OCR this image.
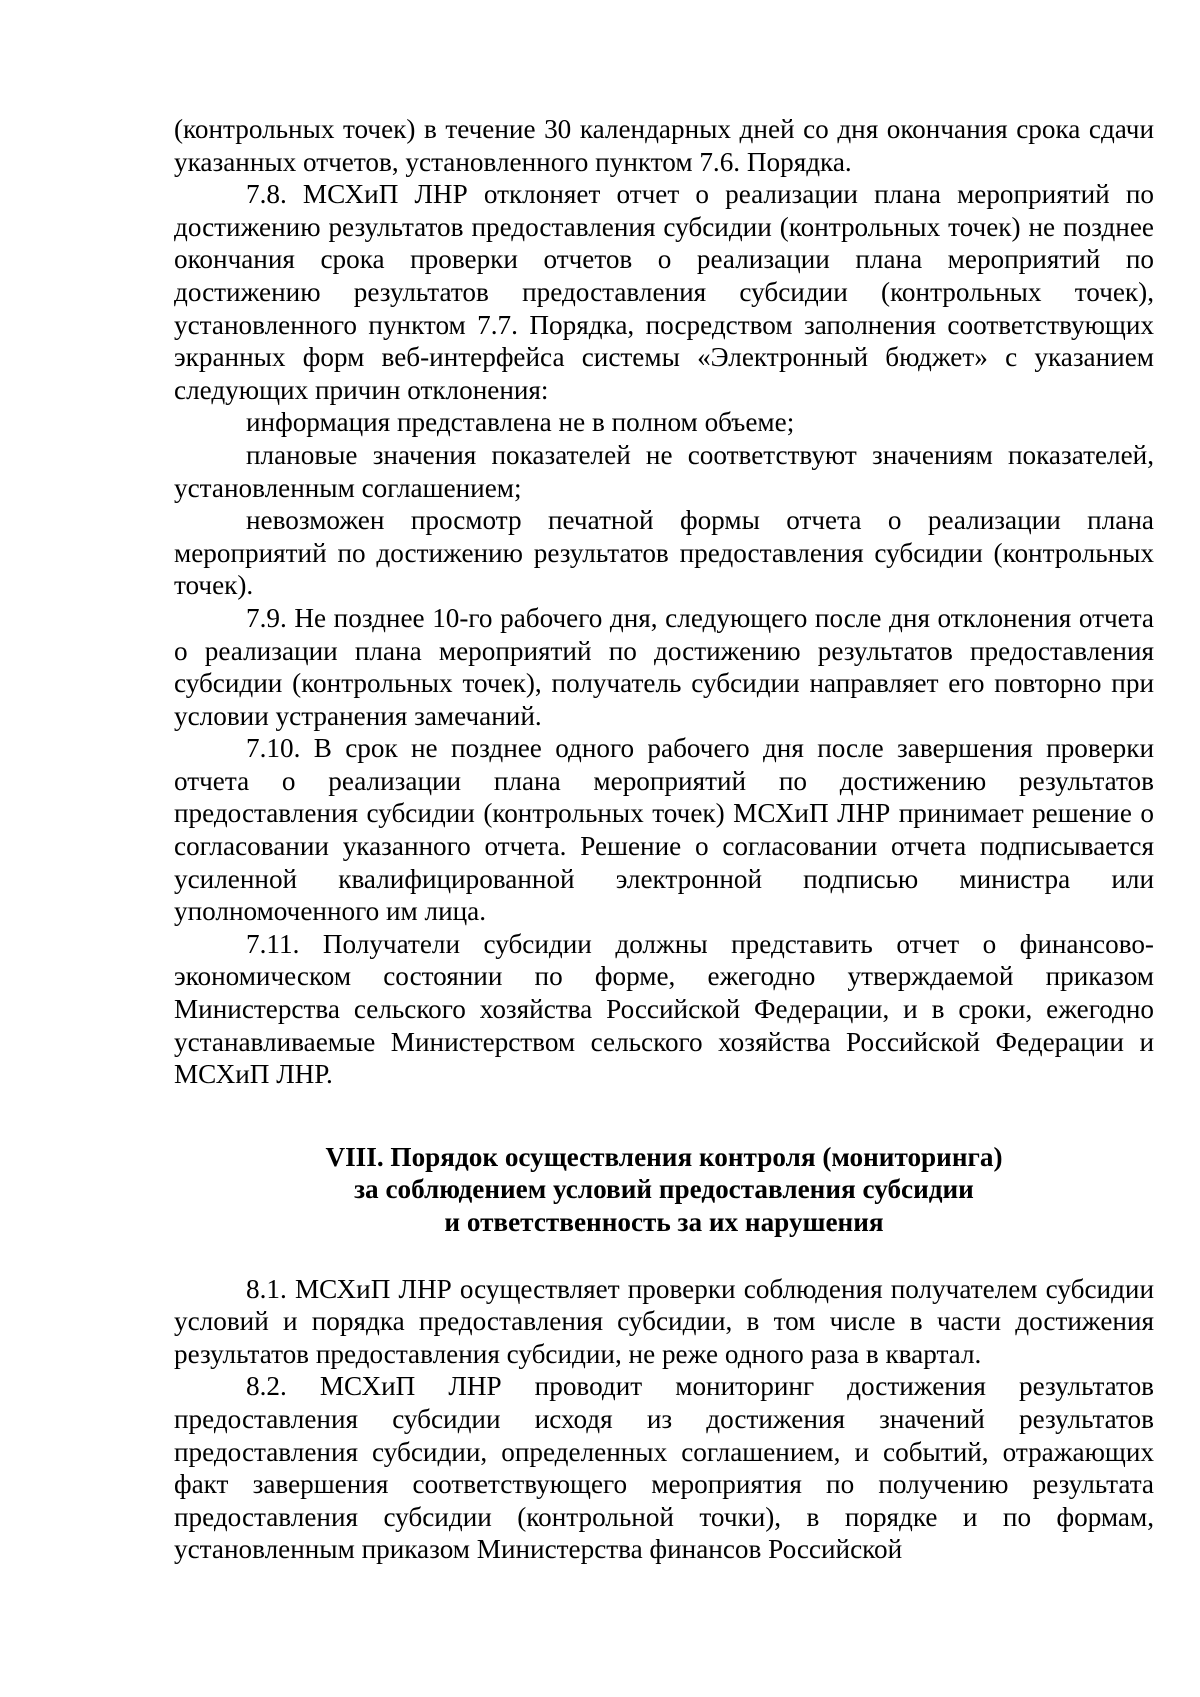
(контрольных точек) в течение 30 календарных дней со дня окончания срока сдачи указанных отчетов, установленного пунктом 7.6. Порядка.

7.8. МСХиП ЛНР отклоняет отчет о реализации плана мероприятий по достижению результатов предоставления субсидии (контрольных точек) не позднее окончания срока проверки отчетов о реализации плана мероприятий по достижению результатов предоставления субсидии (контрольных точек), установленного пунктом 7.7. Порядка, посредством заполнения соответствующих экранных форм веб-интерфейса системы «Электронный бюджет» с указанием следующих причин отклонения:

информация представлена не в полном объеме;

плановые значения показателей не соответствуют значениям показателей, установленным соглашением;

невозможен просмотр печатной формы отчета о реализации плана мероприятий по достижению результатов предоставления субсидии (контрольных точек).

7.9. Не позднее 10-го рабочего дня, следующего после дня отклонения отчета о реализации плана мероприятий по достижению результатов предоставления субсидии (контрольных точек), получатель субсидии направляет его повторно при условии устранения замечаний.

7.10. В срок не позднее одного рабочего дня после завершения проверки отчета о реализации плана мероприятий по достижению результатов предоставления субсидии (контрольных точек) МСХиП ЛНР принимает решение о согласовании указанного отчета. Решение о согласовании отчета подписывается усиленной квалифицированной электронной подписью министра или уполномоченного им лица.

7.11. Получатели субсидии должны представить отчет о финансово-экономическом состоянии по форме, ежегодно утверждаемой приказом Министерства сельского хозяйства Российской Федерации, и в сроки, ежегодно устанавливаемые Министерством сельского хозяйства Российской Федерации и МСХиП ЛНР.

VIII. Порядок осуществления контроля (мониторинга)
за соблюдением условий предоставления субсидии
и ответственность за их нарушения

8.1. МСХиП ЛНР осуществляет проверки соблюдения получателем субсидии условий и порядка предоставления субсидии, в том числе в части достижения результатов предоставления субсидии, не реже одного раза в квартал.

8.2. МСХиП ЛНР проводит мониторинг достижения результатов предоставления субсидии исходя из достижения значений результатов предоставления субсидии, определенных соглашением, и событий, отражающих факт завершения соответствующего мероприятия по получению результата предоставления субсидии (контрольной точки), в порядке и по формам, установленным приказом Министерства финансов Российской
